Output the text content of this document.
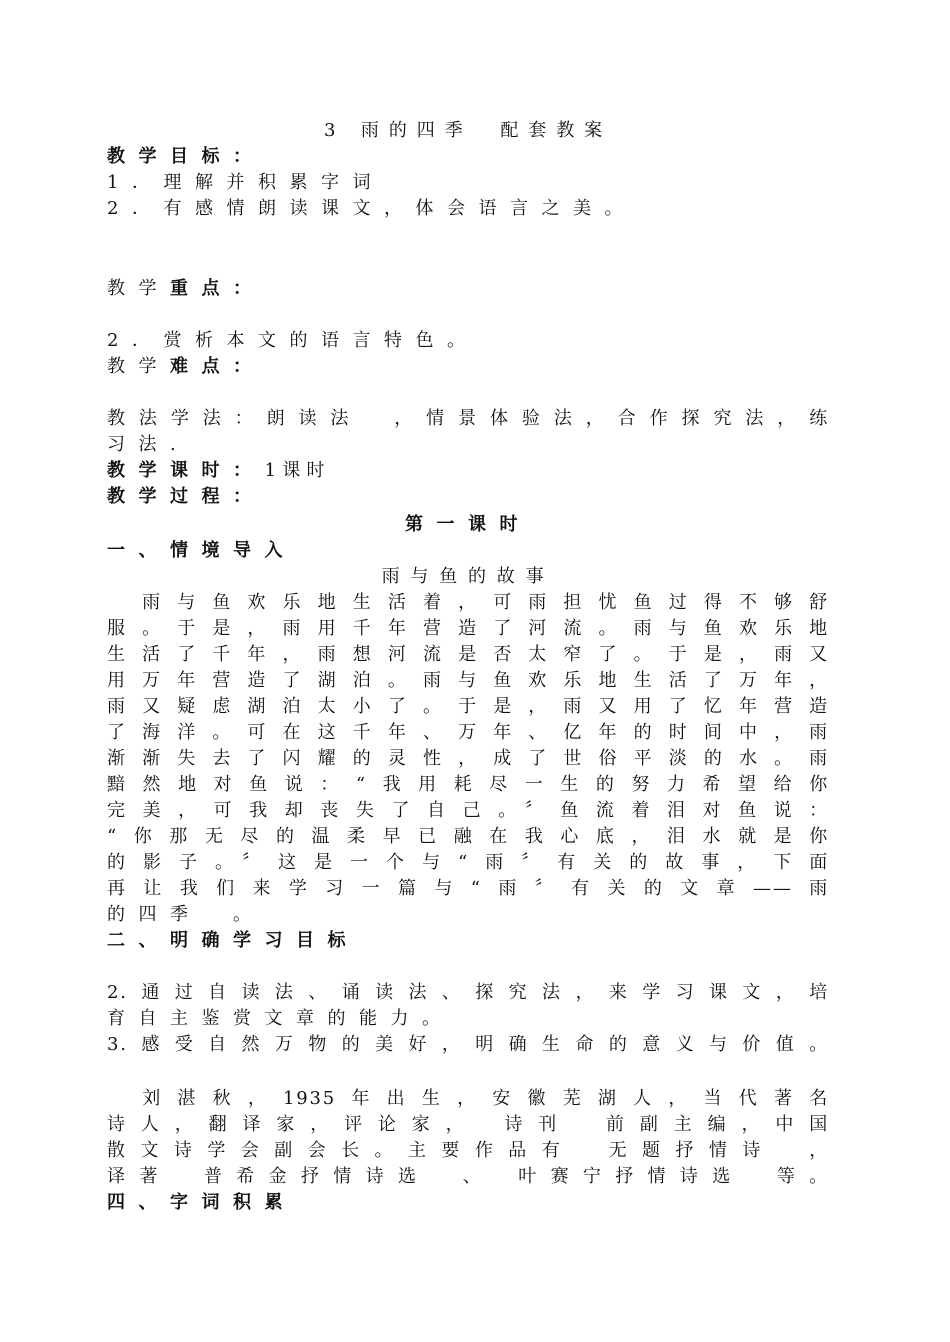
3 雨的四季　配套教案
教学目标：
1．理解并积累字词
2．有感情朗读课文，体会语言之美。
教学重点：
2．赏析本文的语言特色。
教学难点：
教法学法：朗读法　，情景体验法，合作探究法，练
习法.
教学课时：1课时
教学过程：
第一课时
一、情境导入
雨与鱼的故事
　雨与鱼欢乐地生活着，可雨担忧鱼过得不够舒
服。于是，雨用千年营造了河流。雨与鱼欢乐地
生活了千年，雨想河流是否太窄了。于是，雨又
用万年营造了湖泊。雨与鱼欢乐地生活了万年，
雨又疑虑湖泊太小了。于是，雨又用了忆年营造
了海洋。可在这千年、万年、亿年的时间中，雨
渐渐失去了闪耀的灵性，成了世俗平淡的水。雨
黯然地对鱼说：“我用耗尽一生的努力希望给你
完美，可我却丧失了自己。〞鱼流着泪对鱼说：
“你那无尽的温柔早已融在我心底，泪水就是你
的影子。〞这是一个与“雨〞有关的故事，下面
再让我们来学习一篇与“雨〞有关的文章——雨
的四季　。
二、明确学习目标
2.通过自读法、诵读法、探究法，来学习课文，培
育自主鉴赏文章的能力。
3.感受自然万物的美好，明确生命的意义与价值。
　刘湛秋，1935年出生，安徽芜湖人，当代著名
诗人，翻译家，评论家，　诗刊　前副主编，中国
散文诗学会副会长。主要作品有　无题抒情诗　，
译著　普希金抒情诗选　、　叶赛宁抒情诗选　等。
四、字词积累
